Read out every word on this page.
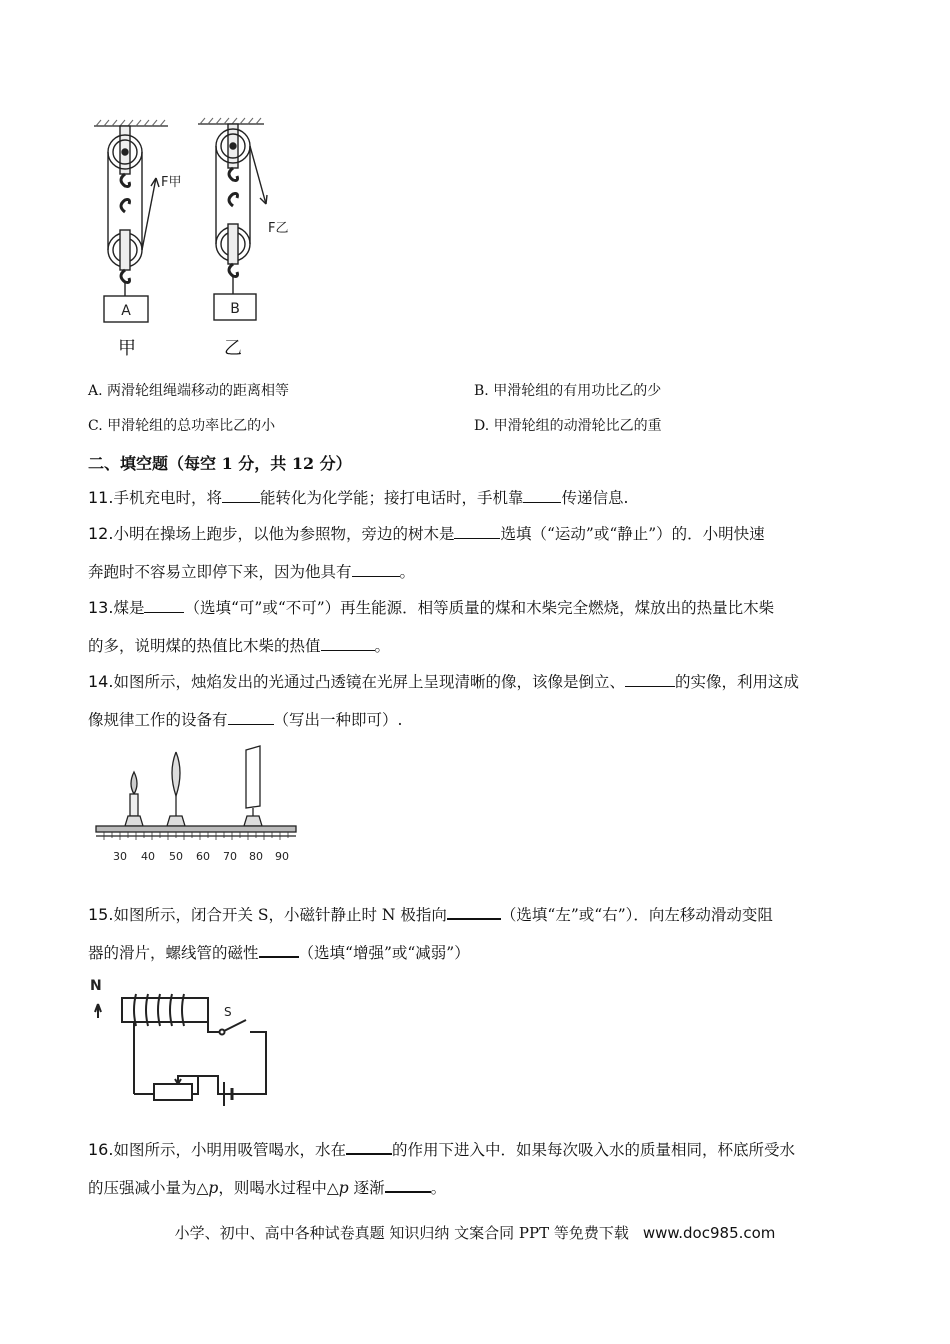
F甲
F乙
A	B
甲	乙
A. 两滑轮组绳端移动的距离相等	B. 甲滑轮组的有用功比乙的少
C. 甲滑轮组的总功率比乙的小	D. 甲滑轮组的动滑轮比乙的重
二、填空题（每空 1 分，共 12 分）
11.手机充电时，将 能转化为化学能；接打电话时，手机靠 传递信息.
12.小明在操场上跑步，以他为参照物，旁边的树木是	选填（“运动”或“静止”）的．小明快速
奔跑时不容易立即停下来，因为他具有	。
13.煤是	（选填“可”或“不可”）再生能源．相等质量的煤和木柴完全燃烧，煤放出的热量比木柴
的多，说明煤的热值比木柴的热值	。
14.如图所示，烛焰发出的光通过凸透镜在光屏上呈现清晰的像，该像是倒立、	的实像，利用这成
像规律工作的设备有	（写出一种即可）.
30 40 50 60 70 80 90
15.如图所示，闭合开关 S，小磁针静止时 N 极指向	（选填“左”或“右”）．向左移动滑动变阻
器的滑片，螺线管的磁性	（选填“增强”或“减弱”）
N
S
16.如图所示，小明用吸管喝水，水在	的作用下进入中．如果每次吸入水的质量相同，杯底所受水
的压强减小量为△p，则喝水过程中△p 逐渐	。
小学、初中、高中各种试卷真题 知识归纳 文案合同 PPT 等免费下载 www.doc985.com
